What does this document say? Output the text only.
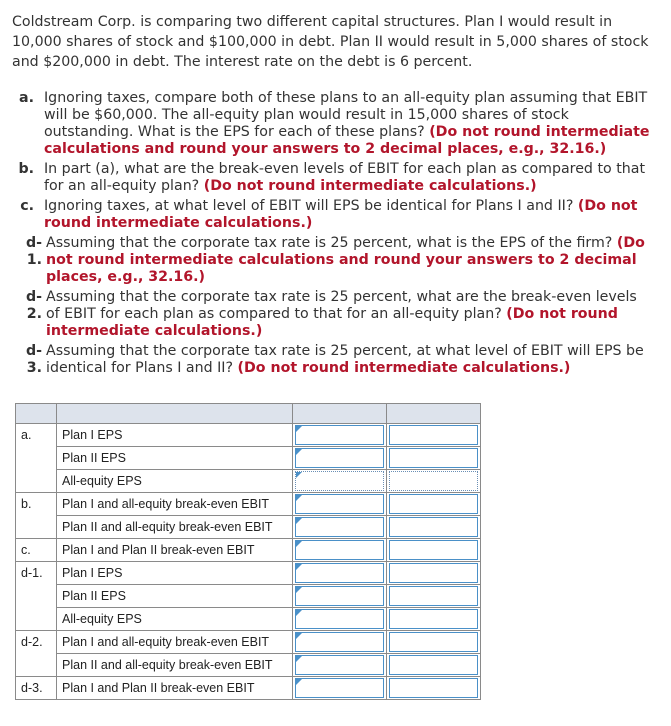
Coldstream Corp. is comparing two different capital structures. Plan I would result in 10,000 shares of stock and $100,000 in debt. Plan II would result in 5,000 shares of stock and $200,000 in debt. The interest rate on the debt is 6 percent.

a. Ignoring taxes, compare both of these plans to an all-equity plan assuming that EBIT will be $60,000. The all-equity plan would result in 15,000 shares of stock outstanding. What is the EPS for each of these plans? (Do not round intermediate calculations and round your answers to 2 decimal places, e.g., 32.16.)
b. In part (a), what are the break-even levels of EBIT for each plan as compared to that for an all-equity plan? (Do not round intermediate calculations.)
c. Ignoring taxes, at what level of EBIT will EPS be identical for Plans I and II? (Do not round intermediate calculations.)
d-1.
Assuming that the corporate tax rate is 25 percent, what is the EPS of the firm? (Do not round intermediate calculations and round your answers to 2 decimal places, e.g., 32.16.)
d-2.
Assuming that the corporate tax rate is 25 percent, what are the break-even levels of EBIT for each plan as compared to that for an all-equity plan? (Do not round intermediate calculations.)
d-3.
Assuming that the corporate tax rate is 25 percent, at what level of EBIT will EPS be identical for Plans I and II? (Do not round intermediate calculations.)

a.	Plan I EPS	

	Plan II EPS	

	All-equity EPS	

b.	Plan I and all-equity break-even EBIT	

	Plan II and all-equity break-even EBIT	

c.	Plan I and Plan II break-even EBIT	

d-1.	Plan I EPS	

	Plan II EPS	

	All-equity EPS	

d-2.	Plan I and all-equity break-even EBIT	

	Plan II and all-equity break-even EBIT	

d-3.	Plan I and Plan II break-even EBIT	
